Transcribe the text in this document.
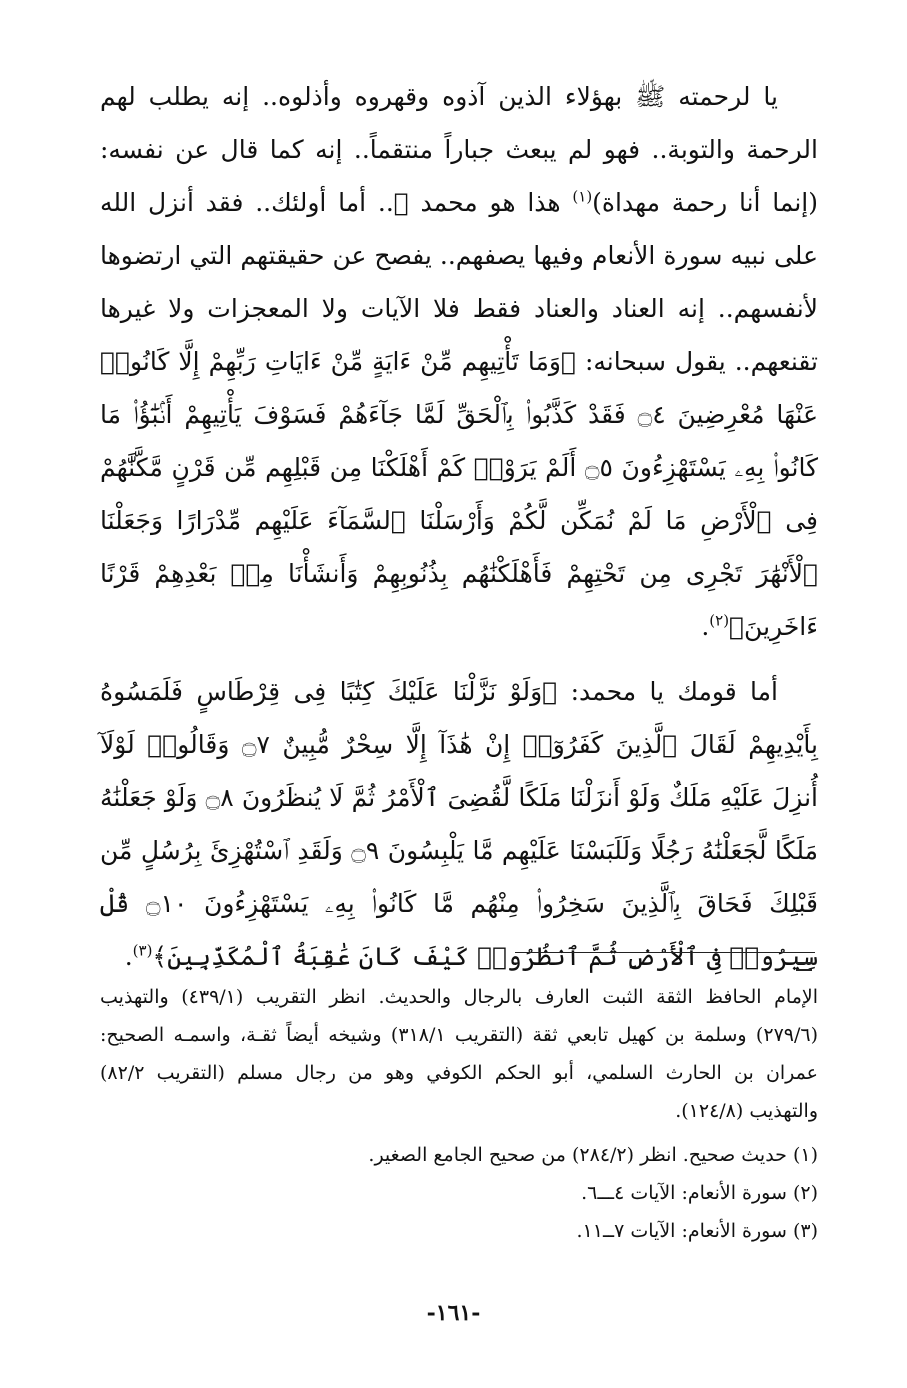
يا لرحمته ﷺ بهؤلاء الذين آذوه وقهروه وأذلوه.. إنه يطلب لهم الرحمة والتوبة.. فهو لم يبعث جباراً منتقماً.. إنه كما قال عن نفسه: (إنما أنا رحمة مهداة)$^{(١)}$ هذا هو محمد ﷺ.. أما أولئك.. فقد أنزل الله على نبيه سورة الأنعام وفيها يصفهم.. يفصح عن حقيقتهم التي ارتضوها لأنفسهم.. إنه العناد والعناد فقط فلا الآيات ولا المعجزات ولا غيرها تقنعهم.. يقول سبحانه: ﴿وَمَا تَأْتِيهِم مِّنْ ءَايَةٍ مِّنْ ءَايَاتِ رَبِّهِمْ إِلَّا كَانُوا۟ عَنْهَا مُعْرِضِينَ ۝٤ فَقَدْ كَذَّبُوا۟ بِٱلْحَقِّ لَمَّا جَآءَهُمْ فَسَوْفَ يَأْتِيهِمْ أَنۢبَٰٓؤُا۟ مَا كَانُوا۟ بِهِۦ يَسْتَهْزِءُونَ ۝٥ أَلَمْ يَرَوْا۟ كَمْ أَهْلَكْنَا مِن قَبْلِهِم مِّن قَرْنٍ مَّكَّنَّٰهُمْ فِى ٱلْأَرْضِ مَا لَمْ نُمَكِّن لَّكُمْ وَأَرْسَلْنَا ٱلسَّمَآءَ عَلَيْهِم مِّدْرَارًا وَجَعَلْنَا ٱلْأَنْهَٰرَ تَجْرِى مِن تَحْتِهِمْ فَأَهْلَكْنَٰهُم بِذُنُوبِهِمْ وَأَنشَأْنَا مِنۢ بَعْدِهِمْ قَرْنًا ءَاخَرِينَ﴾$^{(٢)}$.

أما قومك يا محمد: ﴿وَلَوْ نَزَّلْنَا عَلَيْكَ كِتَٰبًا فِى قِرْطَاسٍ فَلَمَسُوهُ بِأَيْدِيهِمْ لَقَالَ ٱلَّذِينَ كَفَرُوٓا۟ إِنْ هَٰذَآ إِلَّا سِحْرٌ مُّبِينٌ ۝٧ وَقَالُوا۟ لَوْلَآ أُنزِلَ عَلَيْهِ مَلَكٌ وَلَوْ أَنزَلْنَا مَلَكًا لَّقُضِىَ ٱلْأَمْرُ ثُمَّ لَا يُنظَرُونَ ۝٨ وَلَوْ جَعَلْنَٰهُ مَلَكًا لَّجَعَلْنَٰهُ رَجُلًا وَلَلَبَسْنَا عَلَيْهِم مَّا يَلْبِسُونَ ۝٩ وَلَقَدِ ٱسْتُهْزِئَ بِرُسُلٍ مِّن قَبْلِكَ فَحَاقَ بِٱلَّذِينَ سَخِرُوا۟ مِنْهُم مَّا كَانُوا۟ بِهِۦ يَسْتَهْزِءُونَ ۝١٠ قُلْ سِيرُوا۟ فِى ٱلْأَرْضِ ثُمَّ ٱنظُرُوا۟ كَيْفَ كَانَ عَٰقِبَةُ ٱلْمُكَذِّبِينَ﴾$^{(٣)}$.

الإمام الحافظ الثقة الثبت العارف بالرجال والحديث. انظر التقريب (٤٣٩/١) والتهذيب (٢٧٩/٦) وسلمة بن كهيل تابعي ثقة (التقريب ٣١٨/١) وشيخه أيضاً ثقـة، واسمـه الصحيح: عمران بن الحارث السلمي، أبو الحكم الكوفي وهو من رجال مسلم (التقريب ٨٢/٢) والتهذيب (١٢٤/٨).

(١) حديث صحيح. انظر (٢٨٤/٢) من صحيح الجامع الصغير.
(٢) سورة الأنعام: الآيات ٤ـــ٦.
(٣) سورة الأنعام: الآيات ٧ــ١١.
-١٦١-
